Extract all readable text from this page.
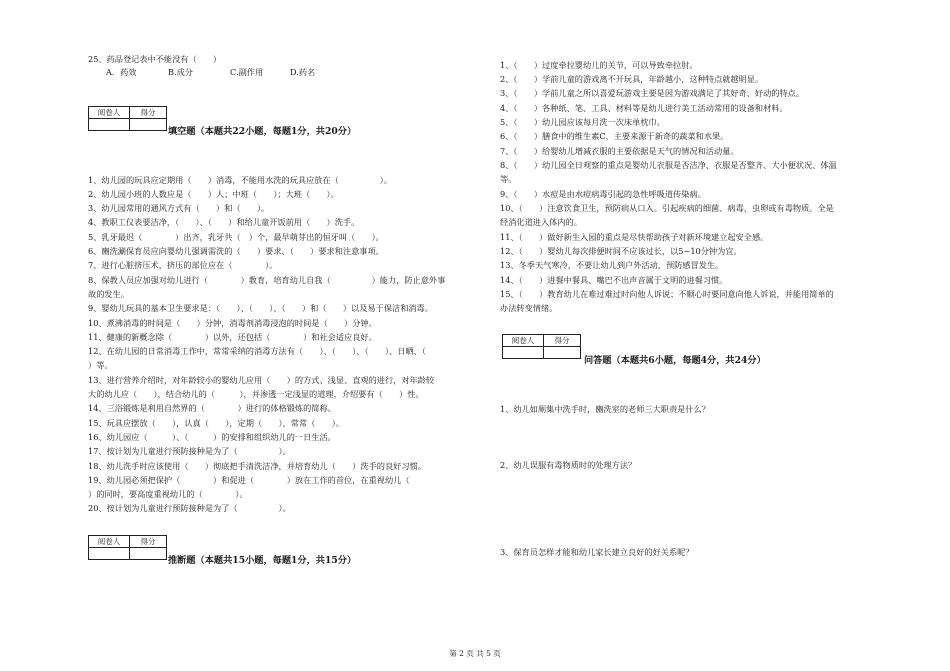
25、药品登记表中不能没有（　　）
A．药效	B.成分	C.副作用	D.药名
阅卷人	得分

填空题（本题共22小题，每题1分，共20分）
1、幼儿园的玩具应定期用（　　）消毒，不能用水洗的玩具应放在（　　　　　）。
2、幼儿园小班的人数应是（　　）人；中班（　　）；大班（　　）。
3、幼儿园常用的通风方式有（　　）和（　　）。
4、教职工仪表要洁净，（　　）、（　　）和给儿童开饭前用（　　）洗手。
5、乳牙最迟（　　　　）出齐，乳牙共（　）个，最早萌芽出的恒牙叫（　　）。
6、豳洗涮保育员应向婴幼儿强调需洗的（　　）要求、（　　）要求和注意事项。
7、进行心脏挤压术，挤压的部位应在（　　　　）。
8、保教人员应加强对幼儿进行（　　　　）教育，培育幼儿自我（　　　　　）能力，防止意外事
故的发生。
9、婴幼儿玩具的基本卫生要求是：（　　）、（　　）、（　　）和（　　）以及易于保洁和消毒。
10、煮沸消毒的时间是（　　）分钟，消毒剂消毒浸泡的时间是（　　）分钟。
11、健康的新概念除（　　　　）以外，还包括（　　　　）和社会适应良好。
12、在幼儿园的日常消毒工作中，常常采纳的消毒方法有（　　）、（　　）、（　　）、日晒、（　　
）等。
13、进行营养介绍时，对年龄较小的婴幼儿应用（　　）的方式、浅显、直观的进行，对年龄较
大的幼儿应（　　），结合幼儿的（　　　），并渗透一定浅显的道理，介绍要有（　　）性。
14、三浴锻炼是利用自然界的（　　　　）进行的体格锻炼的简称。
15、玩具应摆放（　　），认真（　　），定期（　　），常常（　　）。
16、幼儿园应（　　　）、（　　　）的安排和组织幼儿的一日生活。
17、按计划为儿童进行预防接种是为了（　　　　　）。
18、幼儿洗手时应该使用（　　）彻底把手清洗洁净，并培育幼儿（　　）洗手的良好习惯。
19、幼儿园必须把保护（　　　　）和促进（　　　　）放在工作的首位，在重视幼儿（
）的同时，要高度重视幼儿的（　　　　）。
20、按计划为儿童进行预防接种是为了（　　　　　）。
阅卷人	得分

推断题（本题共15小题，每题1分，共15分）
1、（　　）过度牵拉婴幼儿的关节，可以导致牵拉肘。
2、（　　）学前儿童的游戏离不开玩具，年龄越小，这种特点就越明显。
3、（　　）学前儿童之所以喜爱玩游戏主要是因为游戏满足了其好奇、好动的特点。
4、（　　）各种纸、笔、工具、材料等是幼儿进行美工活动常用的设备和材料。
5、（　　）幼儿园应该每月洗一次床单枕巾。
6、（　　）膳食中的维生素C，主要来源于新奇的蔬菜和水果。
7、（　　）给婴幼儿增减衣服的主要依据是天气的情况和活动量。
8、（　　）幼儿园全日观察的重点是婴幼儿衣服是否洁净、衣服是否整齐、大小便状况、体温
等。
9、（　　）水痘是由水痘病毒引起的急性呼吸道传染病。
10、（　　）注意饮食卫生，预防病从口入。引起疾病的细菌、病毒、虫卵或有毒物质。全是
经消化道进入体内的。
11、（　　）做好新生入园的重点是尽快帮助孩子对新环境建立起安全感。
12、（　　）婴幼儿每次排便时间不应该过长，以5~10分钟为宜。
13、冬季天气寒冷，不要让幼儿到户外活动，预防感冒发生。
14、（　　）进餐中餐具、嘴巴不出声音属于文明的进餐习惯。
15、（　　）教育幼儿在难过难过时向他人诉说；不顺心时要同意向他人诉说，并能用简单的
办法转变情绪。
阅卷人	得分

问答题（本题共6小题，每题4分，共24分）
1、幼儿如厕集中洗手时，豳洗室的老师三大职责是什么？
2、幼儿误服有毒物质时的处理方法？
3、保育员怎样才能和幼儿家长建立良好的好关系呢？
第 2 页 共 5 页
